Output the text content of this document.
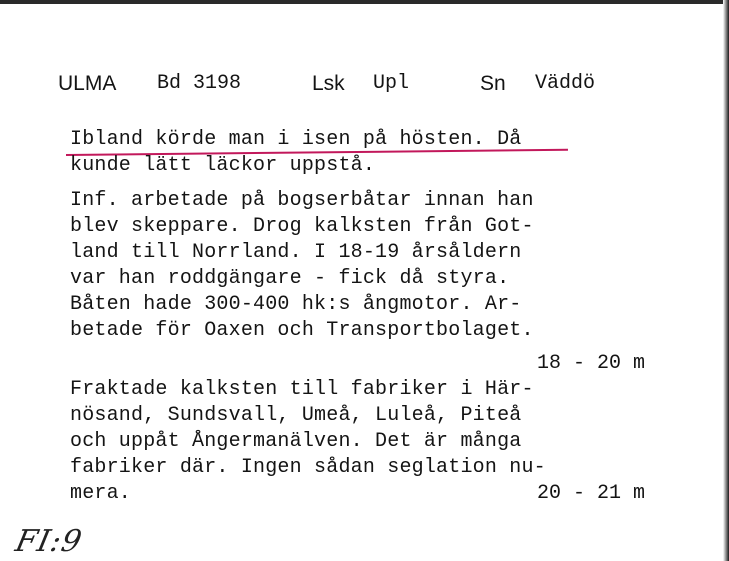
ULMA Bd 3198	Lsk Upl	Sn Väddö
Ibland körde man i isen på hösten. Då
kunde lätt läckor uppstå.
Inf. arbetade på bogserbåtar innan han
blev skeppare. Drog kalksten från Got-
land till Norrland. I 18-19 årsåldern
var han roddgängare - fick då styra.
Båten hade 300-400 hk:s ångmotor. Ar-
betade för Oaxen och Transportbolaget.
18 - 20 m
Fraktade kalksten till fabriker i Här-
nösand, Sundsvall, Umeå, Luleå, Piteå
och uppåt Ångermanälven. Det är många
fabriker där. Ingen sådan seglation nu-
mera.	20 - 21 m
FI:9
